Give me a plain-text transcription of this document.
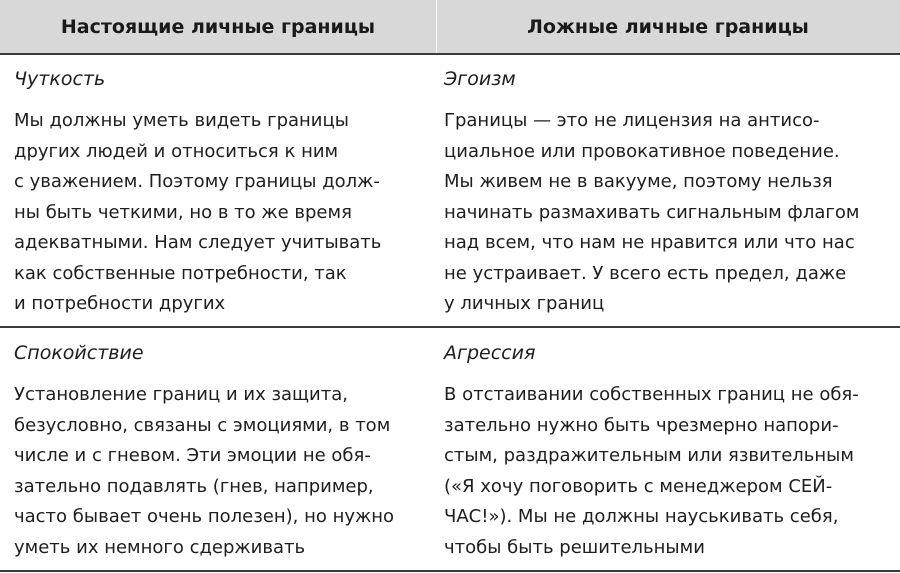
Настоящие личные границы	Ложные личные границы
Чуткость
Мы должны уметь видеть границы
других людей и относиться к ним
с уважением. Поэтому границы долж-
ны быть четкими, но в то же время
адекватными. Нам следует учитывать
как собственные потребности, так
и потребности других
Эгоизм
Границы — это не лицензия на антисо-
циальное или провокативное поведение.
Мы живем не в вакууме, поэтому нельзя
начинать размахивать сигнальным флагом
над всем, что нам не нравится или что нас
не устраивает. У всего есть предел, даже
у личных границ
Спокойствие
Установление границ и их защита,
безусловно, связаны с эмоциями, в том
числе и с гневом. Эти эмоции не обя-
зательно подавлять (гнев, например,
часто бывает очень полезен), но нужно
уметь их немного сдерживать
Агрессия
В отстаивании собственных границ не обя-
зательно нужно быть чрезмерно напори-
стым, раздражительным или язвительным
(«Я хочу поговорить с менеджером СЕЙ-
ЧАС!»). Мы не должны науськивать себя,
чтобы быть решительными
